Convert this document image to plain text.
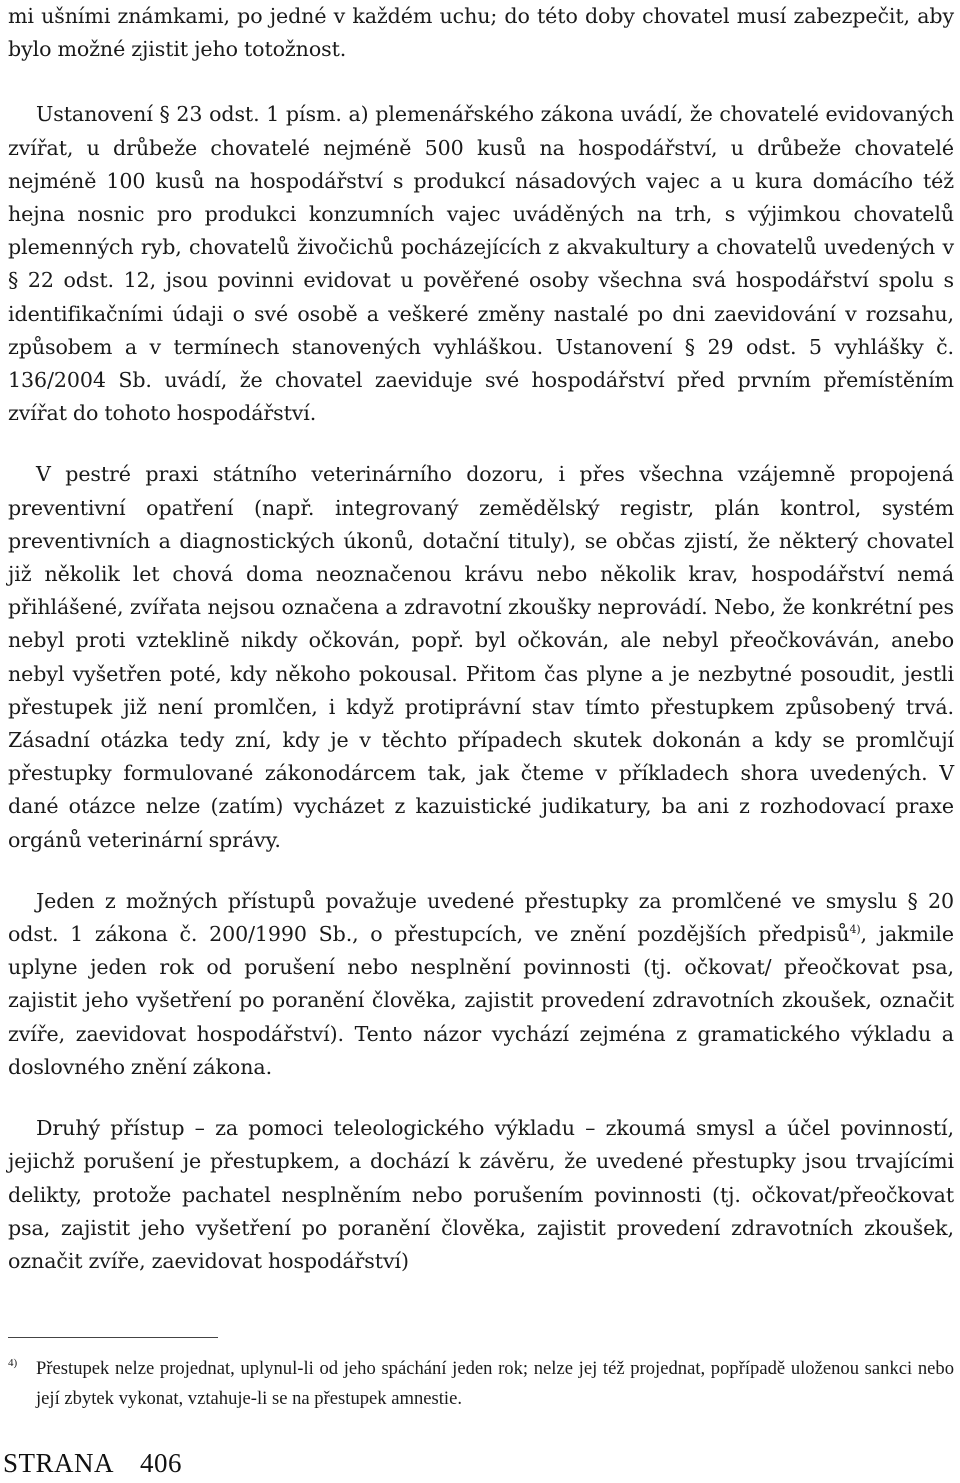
mi ušními známkami, po jedné v každém uchu; do této doby chovatel musí zabezpečit, aby bylo možné zjistit jeho totožnost.

Ustanovení § 23 odst. 1 písm. a) plemenářského zákona uvádí, že chovatelé evidovaných zvířat, u drůbeže chovatelé nejméně 500 kusů na hospodářství, u drůbeže chovatelé nejméně 100 kusů na hospodářství s produkcí násadových vajec a u kura domácího též hejna nosnic pro produkci konzumních vajec uváděných na trh, s výjimkou chovatelů plemenných ryb, chovatelů živočichů pocházejících z akvakultury a chovatelů uvedených v § 22 odst. 12, jsou povinni evidovat u pověřené osoby všechna svá hospodářství spolu s identifikačními údaji o své osobě a veškeré změny nastalé po dni zaevidování v rozsahu, způsobem a v termínech stanovených vyhláškou. Ustanovení § 29 odst. 5 vyhlášky č. 136/2004 Sb. uvádí, že chovatel zaeviduje své hospodářství před prvním přemístěním zvířat do tohoto hospodářství.

V pestré praxi státního veterinárního dozoru, i přes všechna vzájemně propojená preventivní opatření (např. integrovaný zemědělský registr, plán kontrol, systém preventivních a diagnostických úkonů, dotační tituly), se občas zjistí, že některý chovatel již několik let chová doma neoznačenou krávu nebo několik krav, hospodářství nemá přihlášené, zvířata nejsou označena a zdravotní zkoušky neprovádí. Nebo, že konkrétní pes nebyl proti vzteklině nikdy očkován, popř. byl očkován, ale nebyl přeočkováván, anebo nebyl vyšetřen poté, kdy někoho pokousal. Přitom čas plyne a je nezbytné posoudit, jestli přestupek již není promlčen, i když protiprávní stav tímto přestupkem způsobený trvá. Zásadní otázka tedy zní, kdy je v těchto případech skutek dokonán a kdy se promlčují přestupky formulované zákonodárcem tak, jak čteme v příkladech shora uvedených. V dané otázce nelze (zatím) vycházet z kazuistické judikatury, ba ani z rozhodovací praxe orgánů veterinární správy.

Jeden z možných přístupů považuje uvedené přestupky za promlčené ve smyslu § 20 odst. 1 zákona č. 200/1990 Sb., o přestupcích, ve znění pozdějších předpisů$^{4)}$, jakmile uplyne jeden rok od porušení nebo nesplnění povinnosti (tj. očkovat/ přeočkovat psa, zajistit jeho vyšetření po poranění člověka, zajistit provedení zdravotních zkoušek, označit zvíře, zaevidovat hospodářství). Tento názor vychází zejména z gramatického výkladu a doslovného znění zákona.

Druhý přístup – za pomoci teleologického výkladu – zkoumá smysl a účel povinností, jejichž porušení je přestupkem, a dochází k závěru, že uvedené přestupky jsou trvajícími delikty, protože pachatel nesplněním nebo porušením povinnosti (tj. očkovat/přeočkovat psa, zajistit jeho vyšetření po poranění člověka, zajistit provedení zdravotních zkoušek, označit zvíře, zaevidovat hospodářství)

4) Přestupek nelze projednat, uplynul-li od jeho spáchání jeden rok; nelze jej též projednat, popřípadě uloženou sankci nebo její zbytek vykonat, vztahuje-li se na přestupek amnestie.
STRANA 406
